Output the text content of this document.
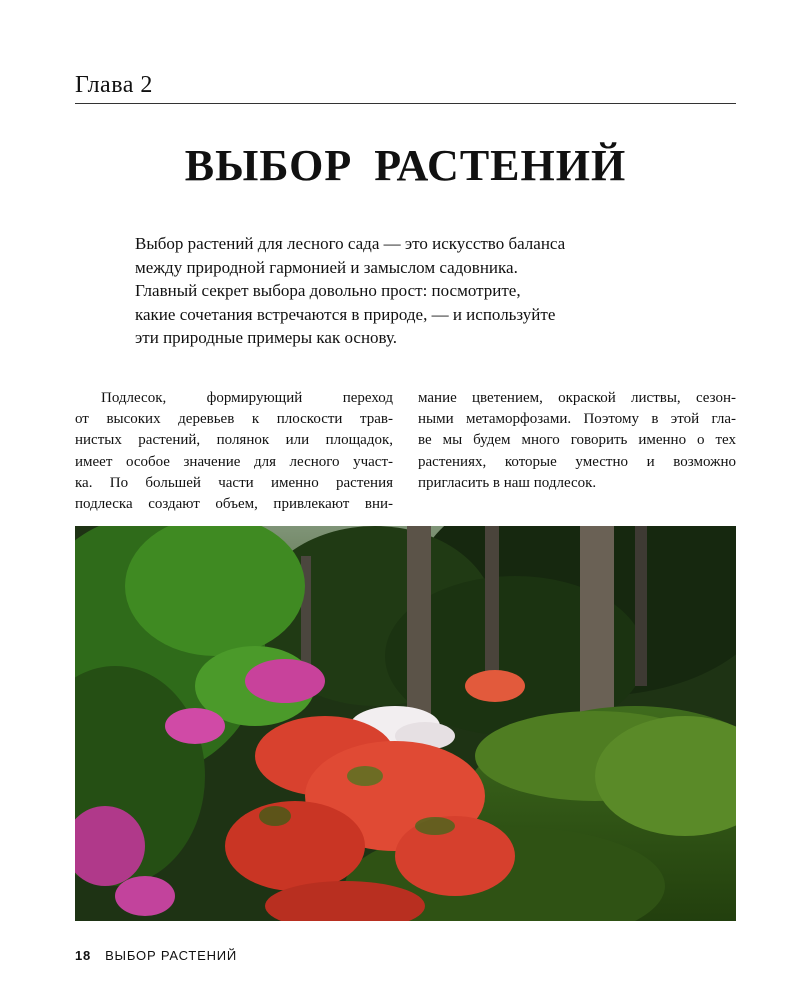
Глава 2
ВЫБОР РАСТЕНИЙ
Выбор растений для лесного сада — это искусство баланса
между природной гармонией и замыслом садовника.
Главный секрет выбора довольно прост: посмотрите,
какие сочетания встречаются в природе, — и используйте
эти природные примеры как основу.
Подлесок, формирующий переход
от высоких деревьев к плоскости трав-
нистых растений, полянок или площадок,
имеет особое значение для лесного участ-
ка. По большей части именно растения
подлеска создают объем, привлекают вни-
мание цветением, окраской листвы, сезон-
ными метаморфозами. Поэтому в этой гла-
ве мы будем много говорить именно о тех
растениях, которые уместно и возможно
пригласить в наш подлесок.
18 ВЫБОР РАСТЕНИЙ
